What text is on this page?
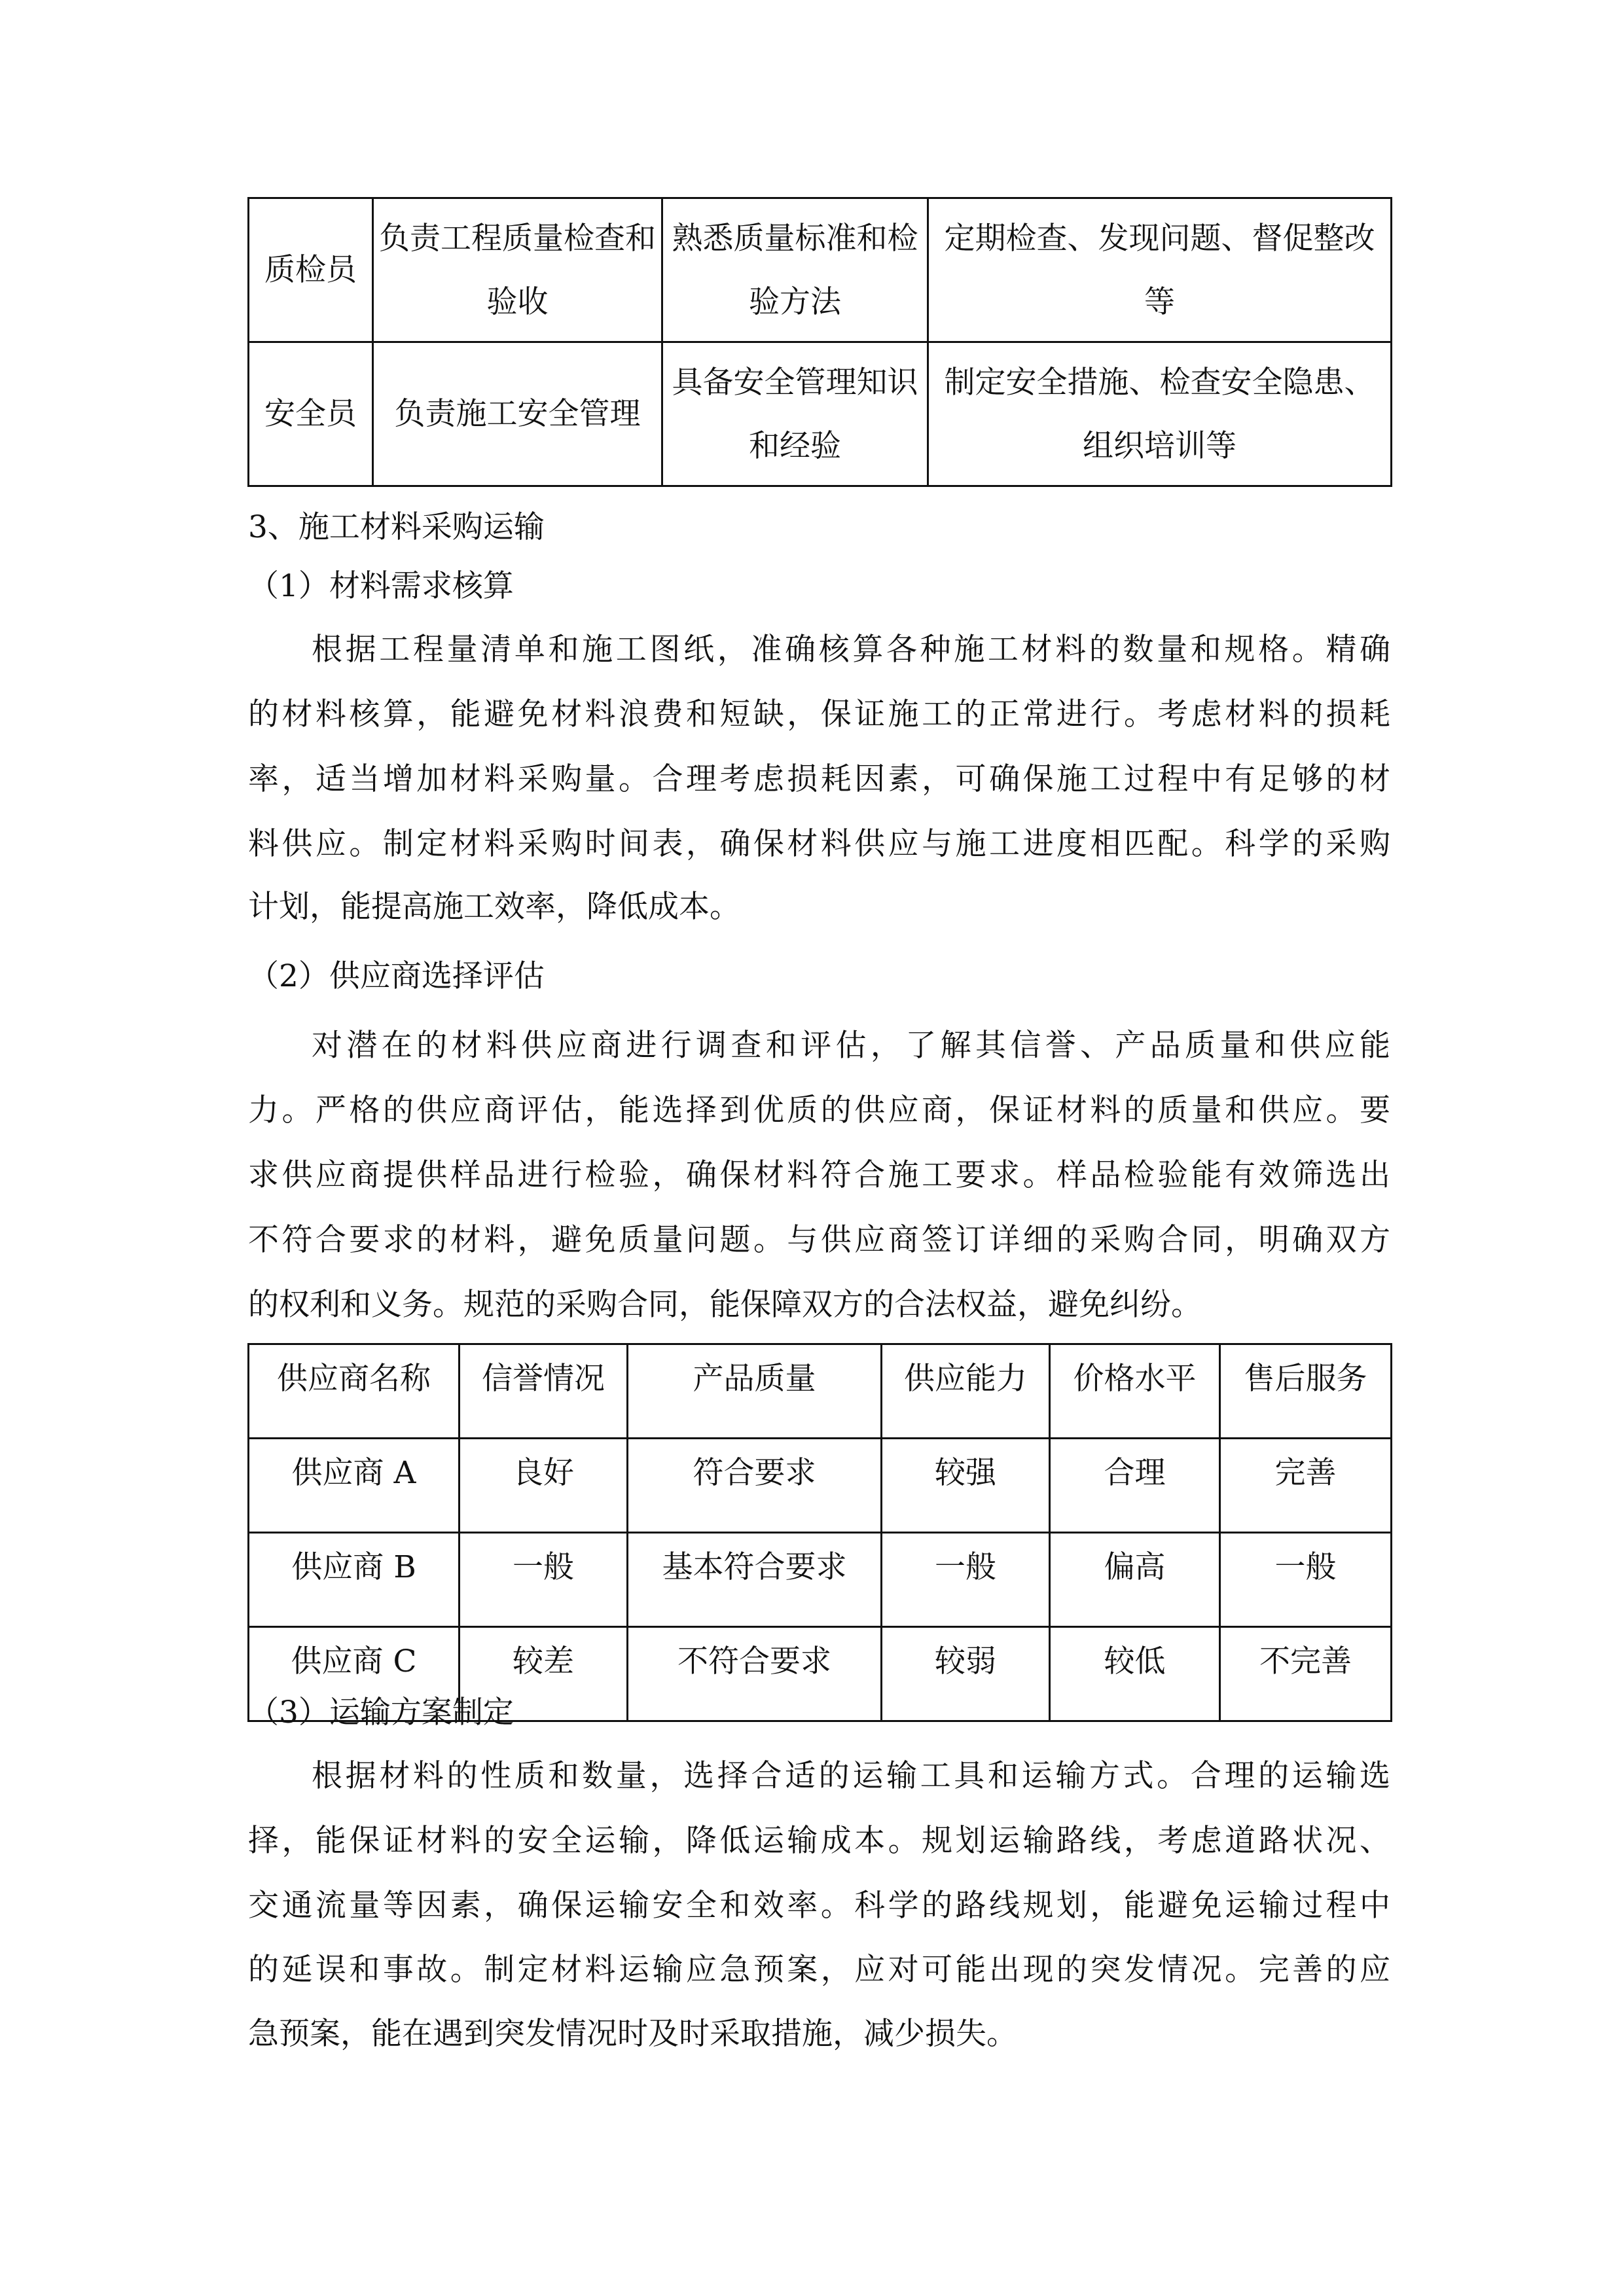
质检员	负责工程质量检查和验收	熟悉质量标准和检验方法	定期检查、发现问题、督促整改等
安全员	负责施工安全管理	具备安全管理知识和经验	制定安全措施、检查安全隐患、组织培训等
3、施工材料采购运输
（1）材料需求核算
根据工程量清单和施工图纸，准确核算各种施工材料的数量和规格。精确
的材料核算，能避免材料浪费和短缺，保证施工的正常进行。考虑材料的损耗
率，适当增加材料采购量。合理考虑损耗因素，可确保施工过程中有足够的材
料供应。制定材料采购时间表，确保材料供应与施工进度相匹配。科学的采购
计划，能提高施工效率，降低成本。
（2）供应商选择评估
对潜在的材料供应商进行调查和评估，了解其信誉、产品质量和供应能
力。严格的供应商评估，能选择到优质的供应商，保证材料的质量和供应。要
求供应商提供样品进行检验，确保材料符合施工要求。样品检验能有效筛选出
不符合要求的材料，避免质量问题。与供应商签订详细的采购合同，明确双方
的权利和义务。规范的采购合同，能保障双方的合法权益，避免纠纷。
供应商名称	信誉情况	产品质量	供应能力	价格水平	售后服务
供应商 A	良好	符合要求	较强	合理	完善
供应商 B	一般	基本符合要求	一般	偏高	一般
供应商 C	较差	不符合要求	较弱	较低	不完善
（3）运输方案制定
根据材料的性质和数量，选择合适的运输工具和运输方式。合理的运输选
择，能保证材料的安全运输，降低运输成本。规划运输路线，考虑道路状况、
交通流量等因素，确保运输安全和效率。科学的路线规划，能避免运输过程中
的延误和事故。制定材料运输应急预案，应对可能出现的突发情况。完善的应
急预案，能在遇到突发情况时及时采取措施，减少损失。
